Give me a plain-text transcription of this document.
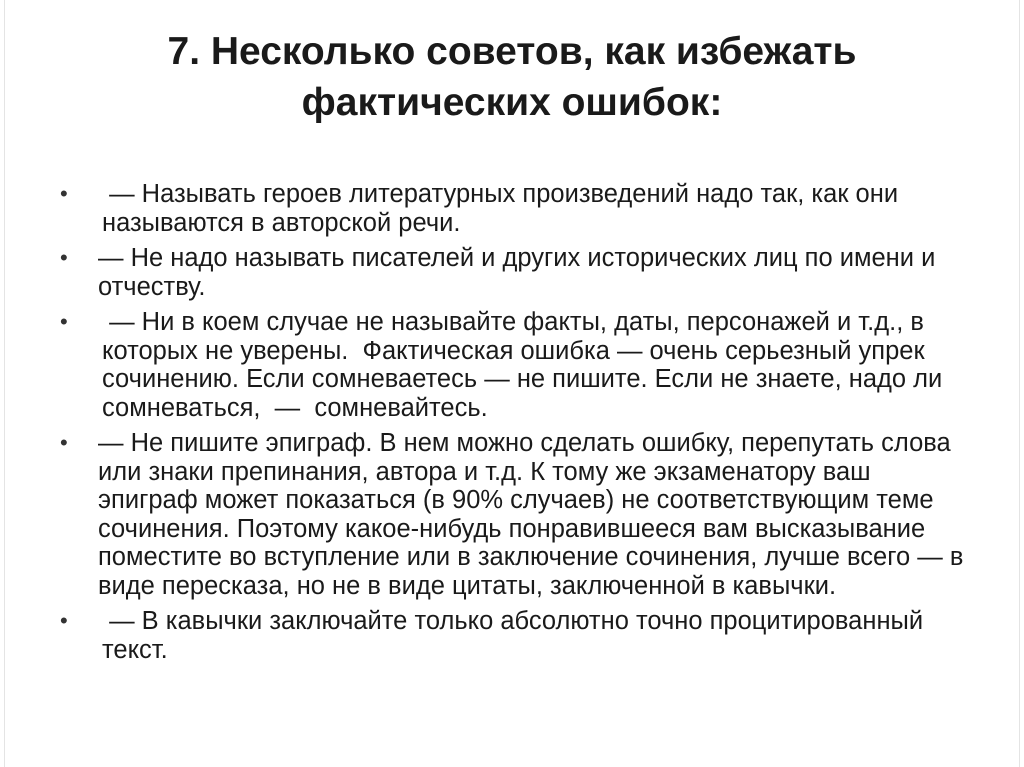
7. Несколько советов, как избежать
фактических ошибок:
• — Называть героев литературных произведений надо так, как они называются в авторской речи.
• — Не надо называть писателей и других исторических лиц по имени и отчеству.
• — Ни в коем случае не называйте факты, даты, персонажей и т.д., в которых не уверены.  Фактическая ошибка — очень серьезный упрек сочинению. Если сомневаетесь — не пишите. Если не знаете, надо ли сомневаться,  —  сомневайтесь.
• — Не пишите эпиграф. В нем можно сделать ошибку, перепутать слова или знаки препинания, автора и т.д. К тому же экзаменатору ваш эпиграф может показаться (в 90% случаев) не соответствующим теме сочинения. Поэтому какое-нибудь понравившееся вам высказывание поместите во вступление или в заключение сочинения, лучше всего — в виде пересказа, но не в виде цитаты, заключенной в кавычки.
• — В кавычки заключайте только абсолютно точно процитированный текст.
